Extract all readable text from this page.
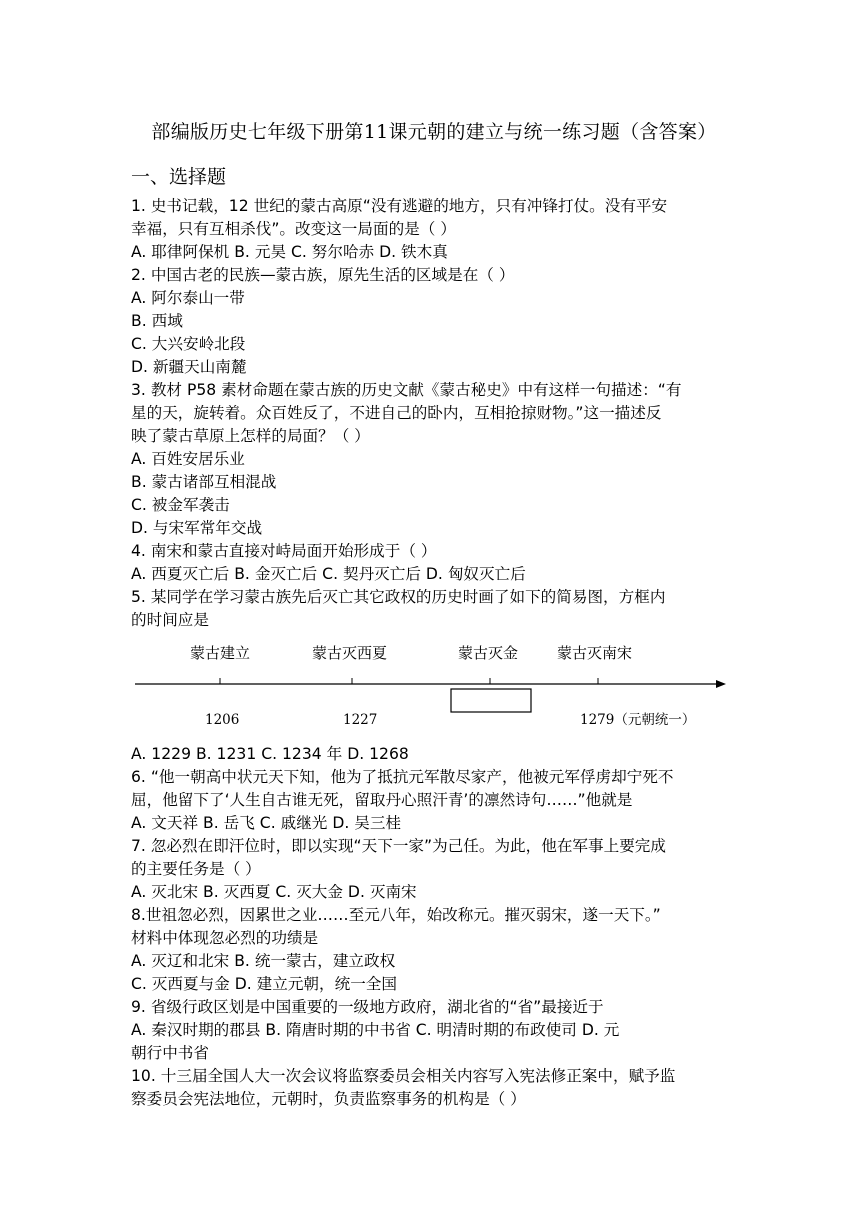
部编版历史七年级下册第11课元朝的建立与统一练习题（含答案）
一、选择题
1. 史书记载，12 世纪的蒙古高原“没有逃避的地方，只有冲锋打仗。没有平安
幸福，只有互相杀伐”。改变这一局面的是（ ）
A. 耶律阿保机 B. 元昊 C. 努尔哈赤 D. 铁木真
2. 中国古老的民族—蒙古族，原先生活的区域是在（ ）
A. 阿尔泰山一带
B. 西域
C. 大兴安岭北段
D. 新疆天山南麓
3. 教材 P58 素材命题在蒙古族的历史文献《蒙古秘史》中有这样一句描述：“有
星的天，旋转着。众百姓反了，不进自己的卧内，互相抢掠财物。”这一描述反
映了蒙古草原上怎样的局面？（ ）
A. 百姓安居乐业
B. 蒙古诸部互相混战
C. 被金军袭击
D. 与宋军常年交战
4. 南宋和蒙古直接对峙局面开始形成于（ ）
A. 西夏灭亡后 B. 金灭亡后 C. 契丹灭亡后 D. 匈奴灭亡后
5. 某同学在学习蒙古族先后灭亡其它政权的历史时画了如下的简易图，方框内
的时间应是
蒙古建立	蒙古灭西夏	蒙古灭金	蒙古灭南宋
1206	1227	1279（元朝统一）
A. 1229 B. 1231 C. 1234 年 D. 1268
6. “他一朝高中状元天下知，他为了抵抗元军散尽家产，他被元军俘虏却宁死不
屈，他留下了‘人生自古谁无死，留取丹心照汗青’的凛然诗句……”他就是
A. 文天祥 B. 岳飞 C. 戚继光 D. 吴三桂
7. 忽必烈在即汗位时，即以实现“天下一家”为己任。为此，他在军事上要完成
的主要任务是（ ）
A. 灭北宋 B. 灭西夏 C. 灭大金 D. 灭南宋
8.世祖忽必烈，因累世之业……至元八年，始改称元。摧灭弱宋，遂一天下。”
材料中体现忽必烈的功绩是
A. 灭辽和北宋 B. 统一蒙古，建立政权
C. 灭西夏与金 D. 建立元朝，统一全国
9. 省级行政区划是中国重要的一级地方政府，湖北省的“省”最接近于
A. 秦汉时期的郡县 B. 隋唐时期的中书省 C. 明清时期的布政使司 D. 元
朝行中书省
10. 十三届全国人大一次会议将监察委员会相关内容写入宪法修正案中，赋予监
察委员会宪法地位，元朝时，负责监察事务的机构是（ ）
